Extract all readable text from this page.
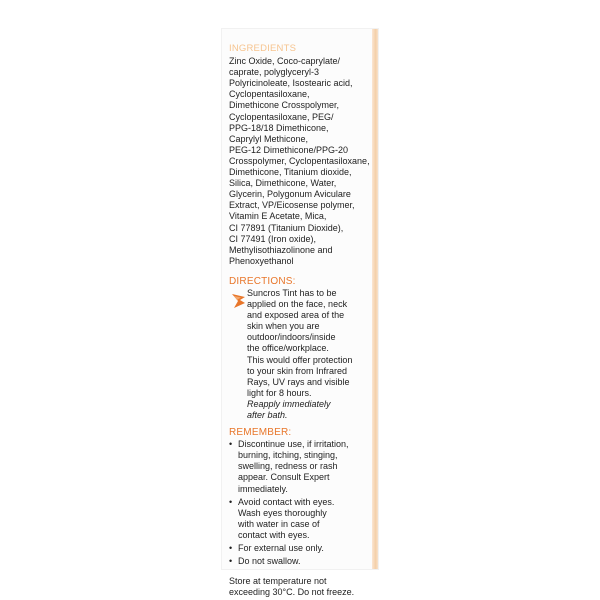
INGREDIENTS

Zinc Oxide, Coco-caprylate/
caprate, polyglyceryl-3
Polyricinoleate, Isostearic acid,
Cyclopentasiloxane,
Dimethicone Crosspolymer,
Cyclopentasiloxane, PEG/
PPG-18/18 Dimethicone,
Caprylyl Methicone,
PEG-12 Dimethicone/PPG-20
Crosspolymer, Cyclopentasiloxane,
Dimethicone, Titanium dioxide,
Silica, Dimethicone, Water,
Glycerin, Polygonum Aviculare
Extract, VP/Eicosense polymer,
Vitamin E Acetate, Mica,
CI 77891 (Titanium Dioxide),
CI 77491 (Iron oxide),
Methylisothiazolinone and
Phenoxyethanol

DIRECTIONS:

Suncros Tint has to be
applied on the face, neck
and exposed area of the
skin when you are
outdoor/indoors/inside
the office/workplace.
This would offer protection
to your skin from Infrared
Rays, UV rays and visible
light for 8 hours.

Reapply immediately
after bath.

REMEMBER:
• Discontinue use, if irritation,
burning, itching, stinging,
swelling, redness or rash
appear. Consult Expert
immediately.
• Avoid contact with eyes.
Wash eyes thoroughly
with water in case of
contact with eyes.
• For external use only.
• Do not swallow.
Store at temperature not
exceeding 30°C. Do not freeze.
